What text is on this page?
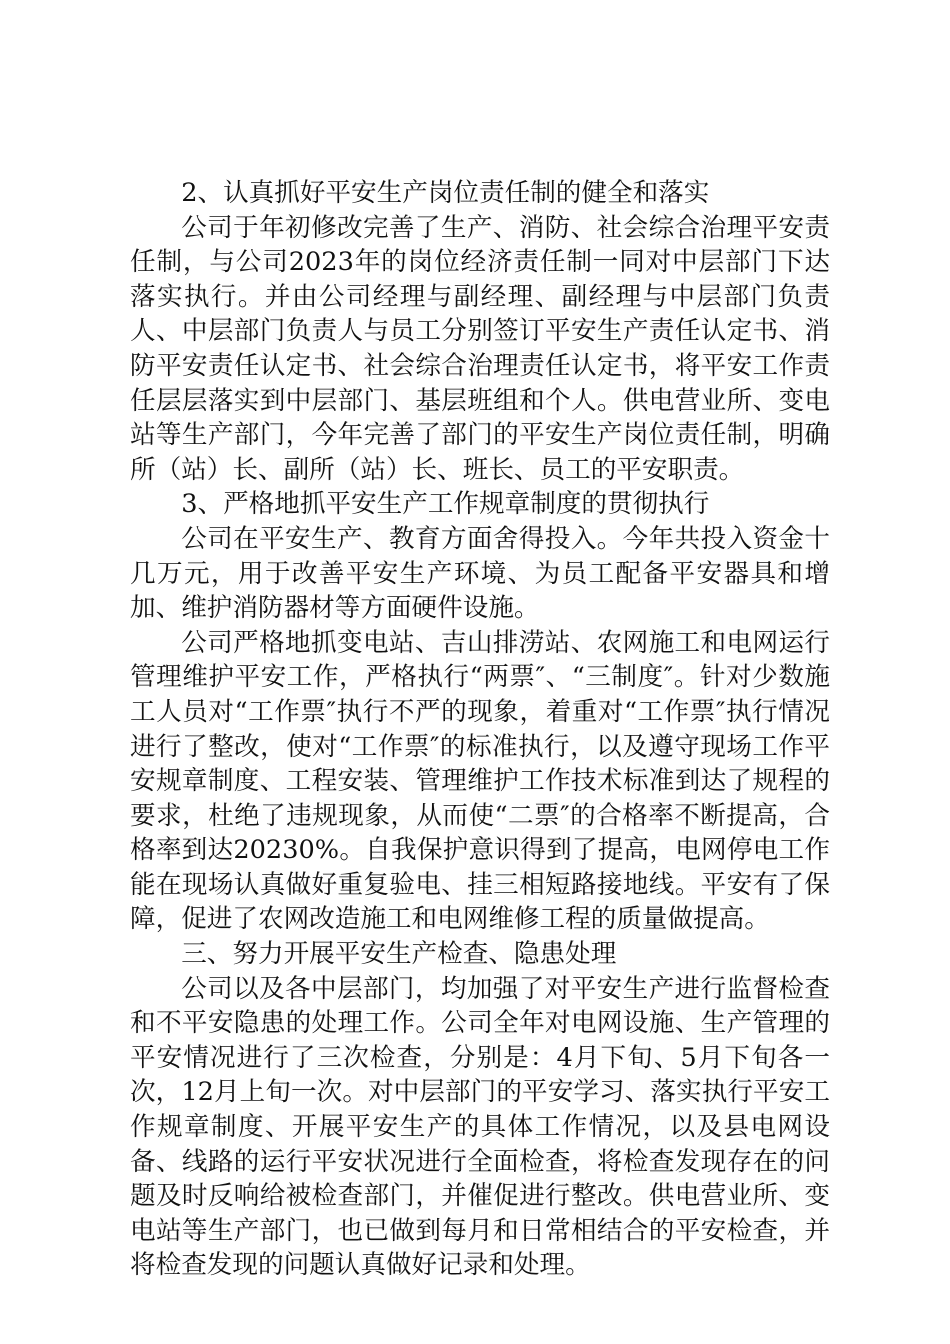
2、认真抓好平安生产岗位责任制的健全和落实

公司于年初修改完善了生产、消防、社会综合治理平安责任制，与公司2023年的岗位经济责任制一同对中层部门下达落实执行。并由公司经理与副经理、副经理与中层部门负责人、中层部门负责人与员工分别签订平安生产责任认定书、消防平安责任认定书、社会综合治理责任认定书，将平安工作责任层层落实到中层部门、基层班组和个人。供电营业所、变电站等生产部门，今年完善了部门的平安生产岗位责任制，明确所（站）长、副所（站）长、班长、员工的平安职责。

3、严格地抓平安生产工作规章制度的贯彻执行

公司在平安生产、教育方面舍得投入。今年共投入资金十几万元，用于改善平安生产环境、为员工配备平安器具和增加、维护消防器材等方面硬件设施。

公司严格地抓变电站、吉山排涝站、农网施工和电网运行管理维护平安工作，严格执行“两票″、“三制度″。针对少数施工人员对“工作票″执行不严的现象，着重对“工作票″执行情况进行了整改，使对“工作票″的标准执行，以及遵守现场工作平安规章制度、工程安装、管理维护工作技术标准到达了规程的要求，杜绝了违规现象，从而使“二票″的合格率不断提高，合格率到达20230%。自我保护意识得到了提高，电网停电工作能在现场认真做好重复验电、挂三相短路接地线。平安有了保障，促进了农网改造施工和电网维修工程的质量做提高。

三、努力开展平安生产检查、隐患处理

公司以及各中层部门，均加强了对平安生产进行监督检查和不平安隐患的处理工作。公司全年对电网设施、生产管理的平安情况进行了三次检查，分别是：4月下旬、5月下旬各一次，12月上旬一次。对中层部门的平安学习、落实执行平安工作规章制度、开展平安生产的具体工作情况，以及县电网设备、线路的运行平安状况进行全面检查，将检查发现存在的问题及时反响给被检查部门，并催促进行整改。供电营业所、变电站等生产部门，也已做到每月和日常相结合的平安检查，并将检查发现的问题认真做好记录和处理。
